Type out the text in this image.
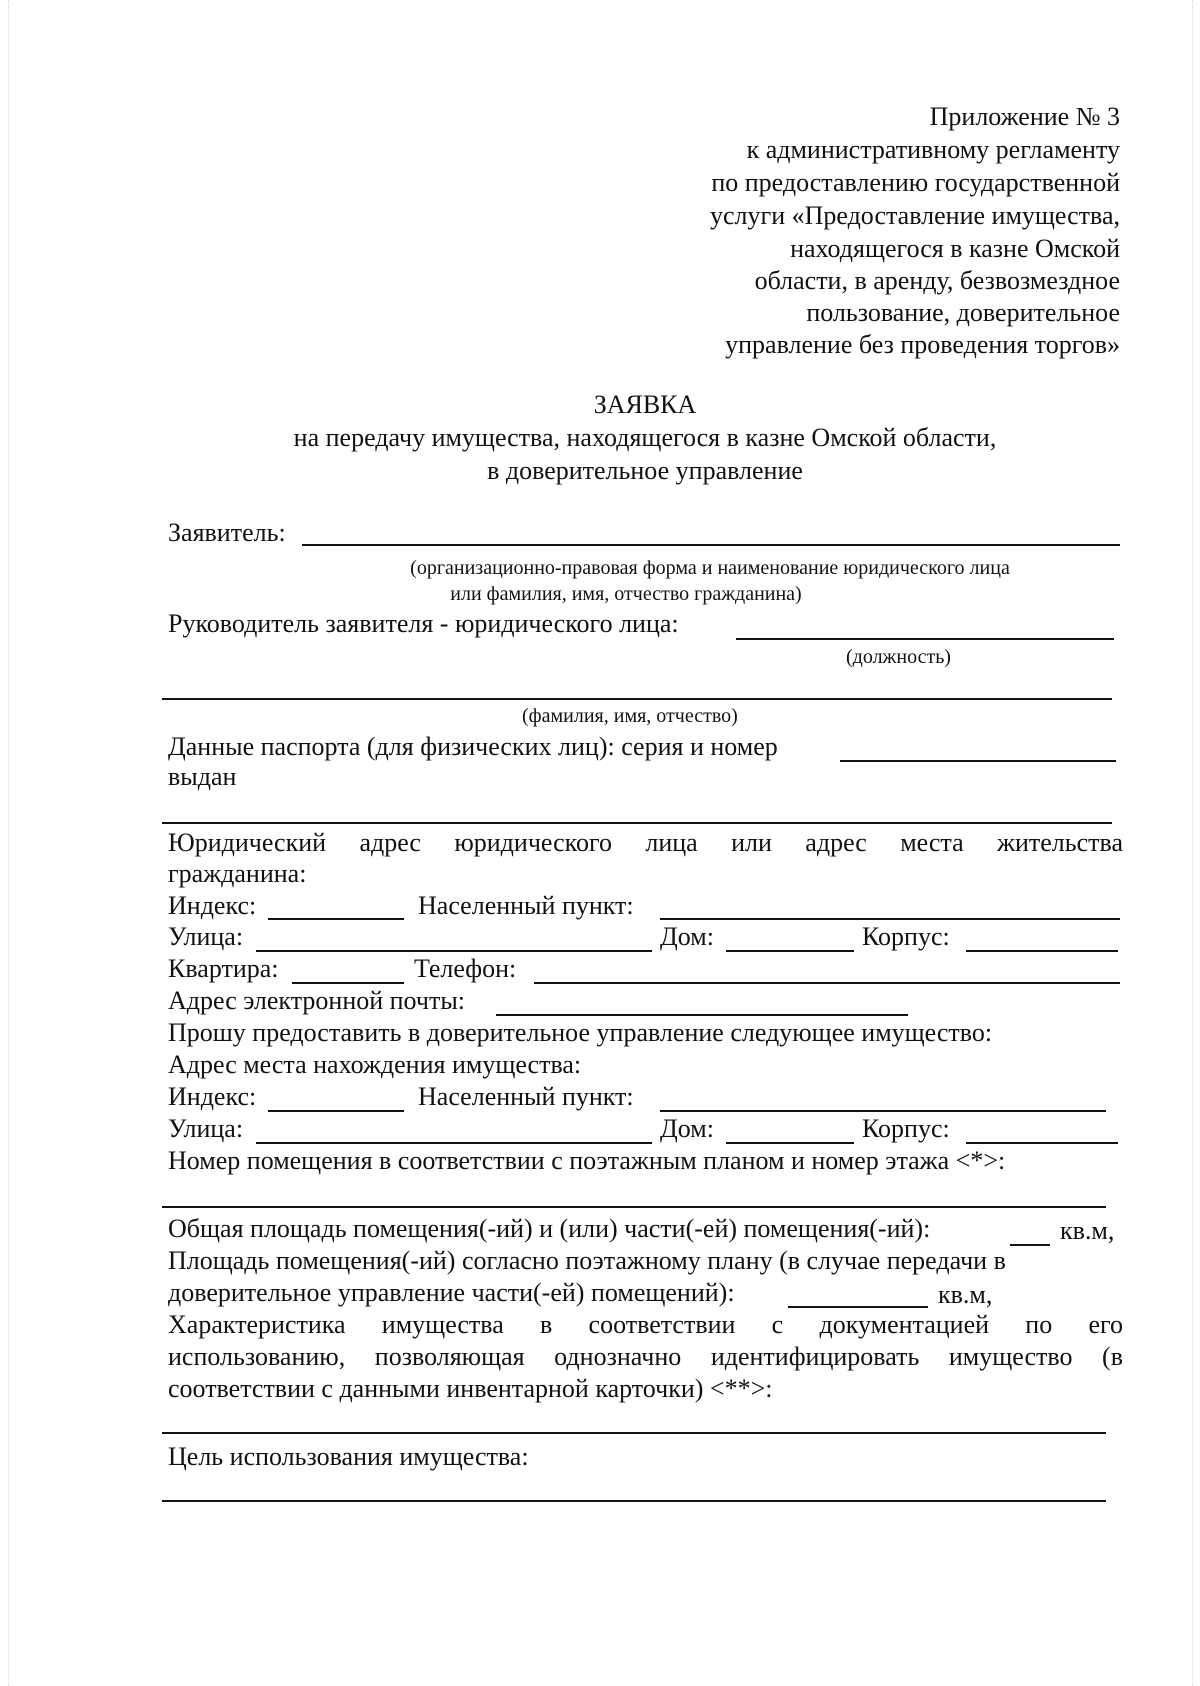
Приложение № 3
к административному регламенту
по предоставлению государственной
услуги «Предоставление имущества,
находящегося в казне Омской
области, в аренду, безвозмездное
пользование, доверительное
управление без проведения торгов»
ЗАЯВКА
на передачу имущества, находящегося в казне Омской области,
в доверительное управление
Заявитель:
(организационно-правовая форма и наименование юридического лица
или фамилия, имя, отчество гражданина)
Руководитель заявителя - юридического лица:
(должность)
(фамилия, имя, отчество)
Данные паспорта (для физических лиц): серия и номер
выдан
Юридический адрес юридического лица или адрес места жительства
гражданина:
Индекс:	Населенный пункт:
Улица:	Дом:	Корпус:
Квартира:	Телефон:
Адрес электронной почты:
Прошу предоставить в доверительное управление следующее имущество:
Адрес места нахождения имущества:
Индекс:	Населенный пункт:
Улица:	Дом:	Корпус:
Номер помещения в соответствии с поэтажным планом и номер этажа <*>:
Общая площадь помещения(-ий) и (или) части(-ей) помещения(-ий):	кв.м,
Площадь помещения(-ий) согласно поэтажному плану (в случае передачи в
доверительное управление части(-ей) помещений):	кв.м,
Характеристика имущества в соответствии с документацией по его
использованию, позволяющая однозначно идентифицировать имущество (в
соответствии с данными инвентарной карточки) <**>:
Цель использования имущества:
